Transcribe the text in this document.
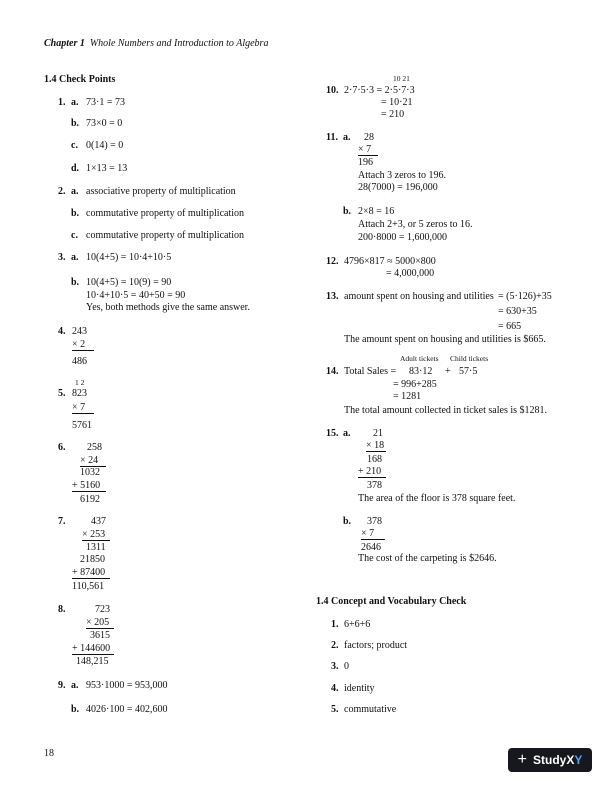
Chapter 1 Whole Numbers and Introduction to Algebra
1.4 Check Points
1. a. 73·1 = 73
b. 73×0 = 0
c. 0(14) = 0
d. 1×13 = 13
2. a. associative property of multiplication
b. commutative property of multiplication
c. commutative property of multiplication
3. a. 10(4+5) = 10·4+10·5
b. 10(4+5) = 10(9) = 90
10·4+10·5 = 40+50 = 90
Yes, both methods give the same answer.
4. 243
× 2
486
1 2
5. 823
× 7
5761
6. 258
× 24
1032
+ 5160
6192
7.	437
× 253
1311
21850
+ 87400
110,561
8.	723
× 205
3615
+ 144600
148,215
9. a. 953·1000 = 953,000
b. 4026·100 = 402,600
10 21
10. 2·7·5·3 = 2·5·7·3
= 10·21
= 210
11. a. 28
× 7
196
Attach 3 zeros to 196.
28(7000) = 196,000
b. 2×8 = 16
Attach 2+3, or 5 zeros to 16.
200·8000 = 1,600,000
12. 4796×817 ≈ 5000×800
= 4,000,000
13. amount spent on housing and utilities = (5·126)+35
= 630+35
= 665
The amount spent on housing and utilities is $665.
Adult tickets Child tickets
14. Total Sales = 83·12 + 57·5
= 996+285
= 1281
The total amount collected in ticket sales is $1281.
15. a. 21
× 18
168
+ 210
378
The area of the floor is 378 square feet.
b. 378
× 7
2646
The cost of the carpeting is $2646.
1.4 Concept and Vocabulary Check
1. 6+6+6
2. factors; product
3. 0
4. identity
5. commutative
18	+ StudyXY
